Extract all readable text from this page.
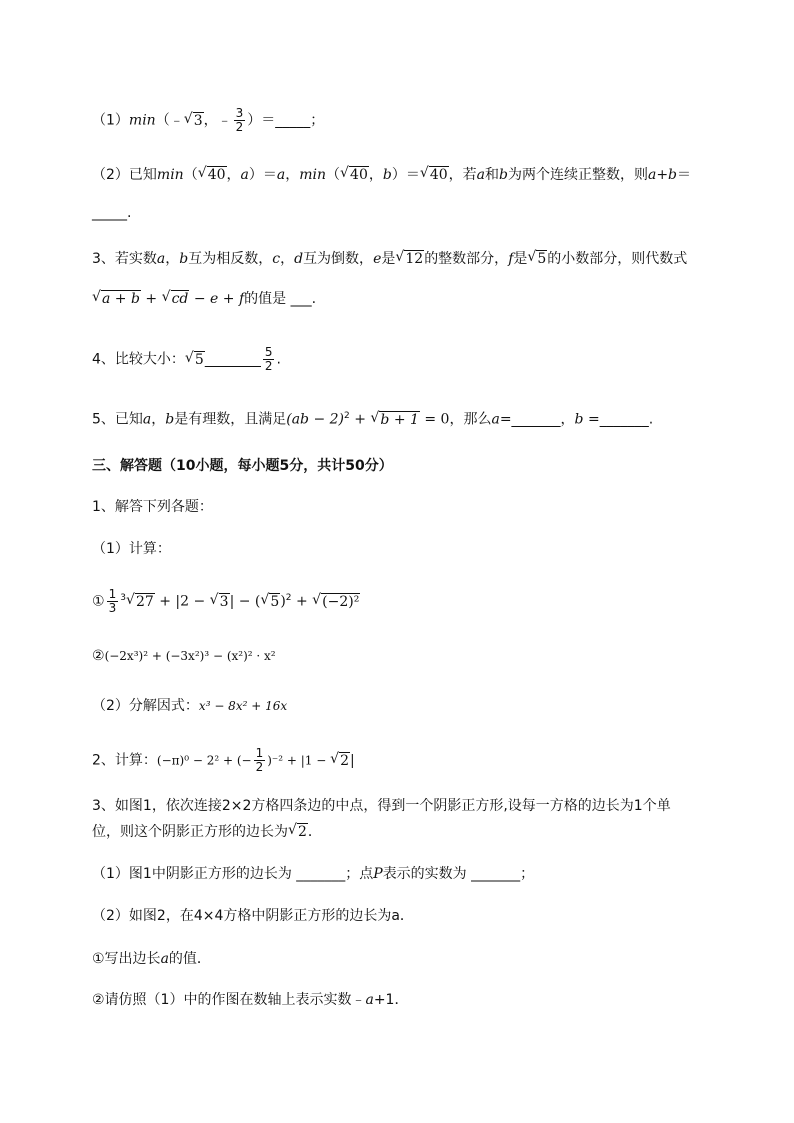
（1）min（﹣√ 3，﹣ $\frac{3}{2}$ ）＝_____；
（2）已知min（√ 40，a）＝a，min（√ 40，b）＝√ 40，若a和b为两个连续正整数，则a+b＝
_____.
3、若实数a，b互为相反数，c，d互为倒数，e是√ 12的整数部分，f是√ 5的小数部分，则代数式
√ a + b + √ cd − e + f的值是 ___.
4、比较大小：√ 5________ $\frac{5}{2}$ .
5、已知a，b是有理数，且满足(ab − 2)$^2$ + √ b + 1 = 0，那么a=_______，b =_______.
三、解答题（10小题，每小题5分，共计50分）
1、解答下列各题：
（1）计算：
① $\frac{1}{3} ^3√$ 27 + |2 − √ 3| − (√ 5)$^2$ + √ (−2)²
②(−2x³)² + (−3x²)³ − (x²)² · x²
（2）分解因式：x³ − 8x² + 16x
2、计算：(−π)⁰ − 2² + (− $\frac{1}{2} )^{-2} + |1$ − √ 2|
3、如图1，依次连接2×2方格四条边的中点，得到一个阴影正方形,设每一方格的边长为1个单
位，则这个阴影正方形的边长为√ 2．
（1）图1中阴影正方形的边长为 _______；点P表示的实数为 _______；
（2）如图2，在4×4方格中阴影正方形的边长为a．
①写出边长a的值．
②请仿照（1）中的作图在数轴上表示实数﹣a+1．
